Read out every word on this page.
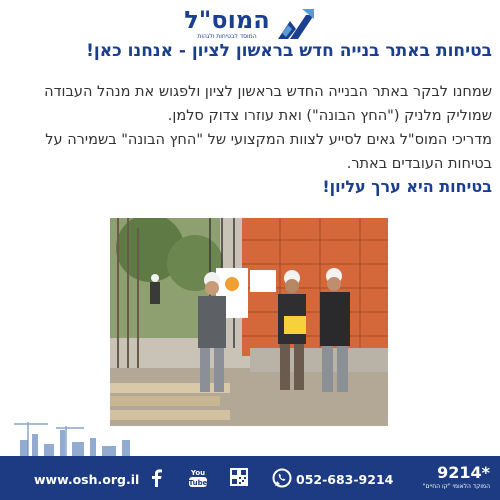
המוס"ל
המוסד לבטיחות ולגהות
בטיחות באתר בנייה חדש בראשון לציון - אנחנו כאן!
שמחנו לבקר באתר הבנייה החדש בראשון לציון ולפגוש את מנהל העבודה שמוליק מלניק ("החץ הבונה") ואת עוזרו צדוק סלמן.
מדריכי המוס"ל גאים לסייע לצוות המקצועי של "החץ הבונה" בשמירה על בטיחות העובדים באתר.
בטיחות היא ערך עליון!
www.osh.org.il	You
Tube	052-683-9214	9214*
המוקד הלאומי "קו החיים"
